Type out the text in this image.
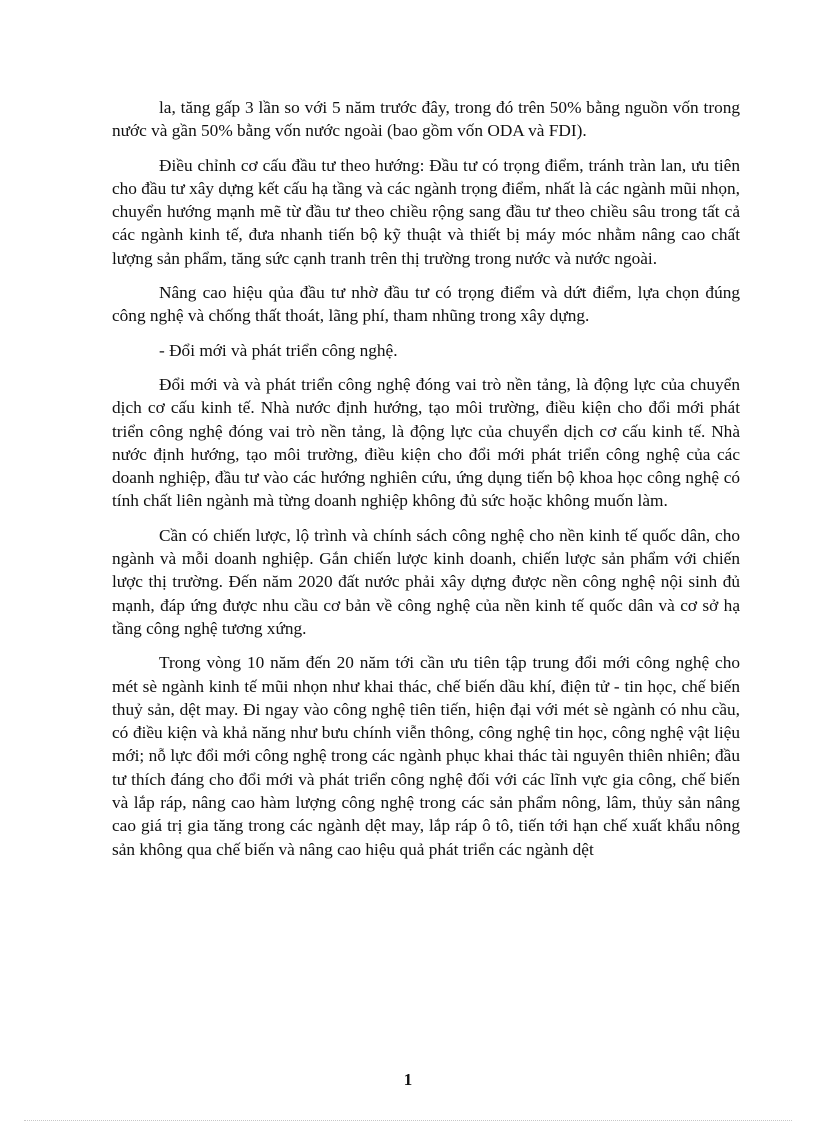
la, tăng gấp 3 lần so với 5 năm trước đây, trong đó trên 50% bằng nguồn vốn trong nước và gần 50% bằng vốn nước ngoài (bao gồm vốn ODA và FDI).

Điều chỉnh cơ cấu đầu tư theo hướng: Đầu tư có trọng điểm, tránh tràn lan, ưu tiên cho đầu tư xây dựng kết cấu hạ tầng và các ngành trọng điểm, nhất là các ngành mũi nhọn, chuyển hướng mạnh mẽ từ đầu tư theo chiều rộng sang đầu tư theo chiều sâu trong tất cả các ngành kinh tế, đưa nhanh tiến bộ kỹ thuật và thiết bị máy móc nhằm nâng cao chất lượng sản phẩm, tăng sức cạnh tranh trên thị trường trong nước và nước ngoài.

Nâng cao hiệu qủa đầu tư nhờ đầu tư có trọng điểm và dứt điểm, lựa chọn đúng công nghệ và chống thất thoát, lãng phí, tham nhũng trong xây dựng.

- Đổi mới và phát triển công nghệ.

Đổi mới và và phát triển công nghệ đóng vai trò nền tảng, là động lực của chuyển dịch cơ cấu kinh tế. Nhà nước định hướng, tạo môi trường, điều kiện cho đổi mới phát triển công nghệ đóng vai trò nền tảng, là động lực của chuyển dịch cơ cấu kinh tế. Nhà nước định hướng, tạo môi trường, điều kiện cho đổi mới phát triển công nghệ của các doanh nghiệp, đầu tư vào các hướng nghiên cứu, ứng dụng tiến bộ khoa học công nghệ có tính chất liên ngành mà từng doanh nghiệp không đủ sức hoặc không muốn làm.

Cần có chiến lược, lộ trình và chính sách công nghệ cho nền kinh tế quốc dân, cho ngành và mỗi doanh nghiệp. Gắn chiến lược kinh doanh, chiến lược sản phẩm với chiến lược thị trường. Đến năm 2020 đất nước phải xây dựng được nền công nghệ nội sinh đủ mạnh, đáp ứng được nhu cầu cơ bản về công nghệ của nền kinh tế quốc dân và cơ sở hạ tầng công nghệ tương xứng.

Trong vòng 10 năm đến 20 năm tới cần ưu tiên tập trung đổi mới công nghệ cho mét sè ngành kinh tế mũi nhọn như khai thác, chế biến dầu khí, điện tử - tin học, chế biến thuỷ sản, dệt may. Đi ngay vào công nghệ tiên tiến, hiện đại với mét sè ngành có nhu cầu, có điều kiện và khả năng như bưu chính viễn thông, công nghệ tin học, công nghệ vật liệu mới; nỗ lực đổi mới công nghệ trong các ngành phục khai thác tài nguyên thiên nhiên; đầu tư thích đáng cho đổi mới và phát triển công nghệ đối với các lĩnh vực gia công, chế biến và lắp ráp, nâng cao hàm lượng công nghệ trong các sản phẩm nông, lâm, thủy sản nâng cao giá trị gia tăng trong các ngành dệt may, lắp ráp ô tô, tiến tới hạn chế xuất khẩu nông sản không qua chế biến và nâng cao hiệu quả phát triển các ngành dệt

1
